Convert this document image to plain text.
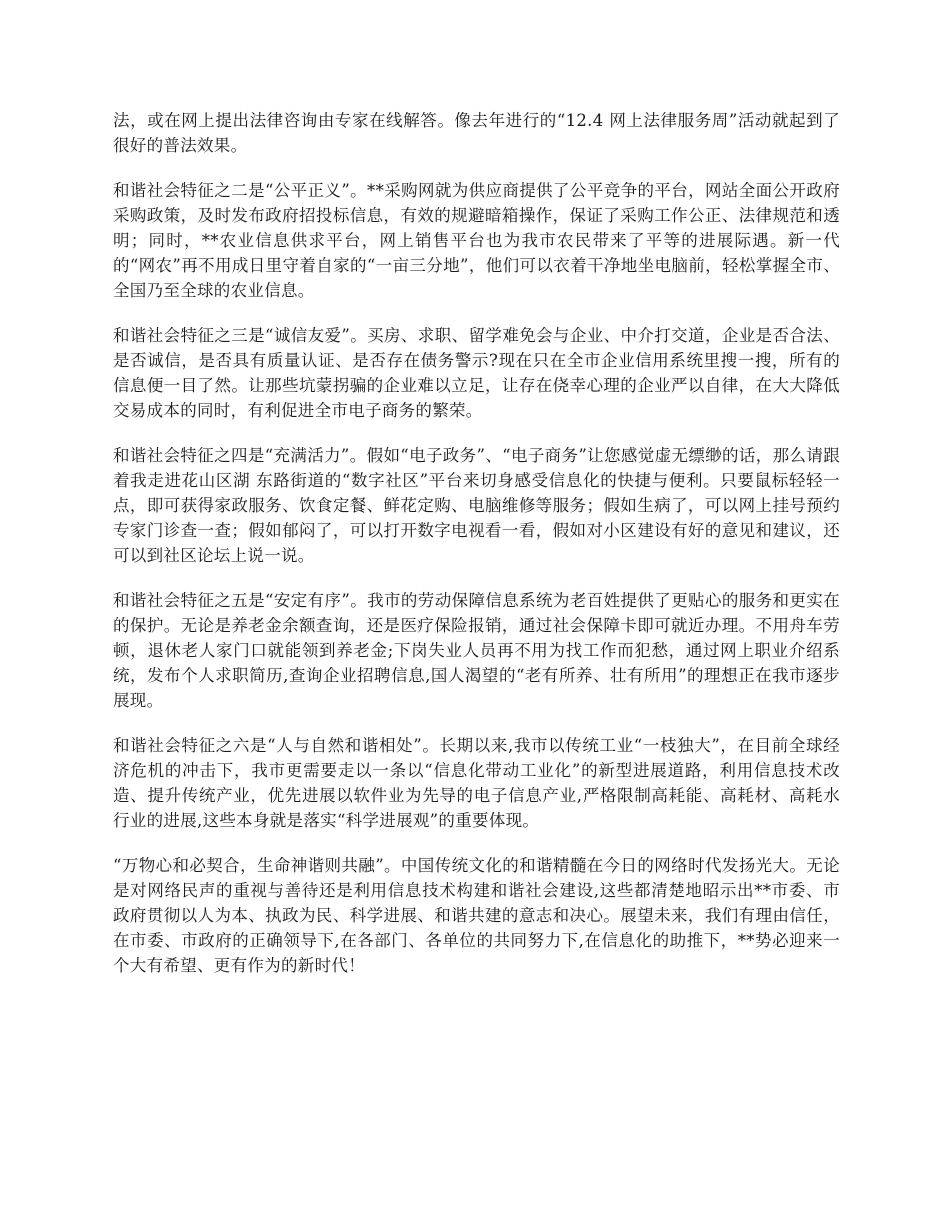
法，或在网上提出法律咨询由专家在线解答。像去年进行的“12.4 网上法律服务周”活动就起到了很好的普法效果。

和谐社会特征之二是“公平正义”。**采购网就为供应商提供了公平竞争的平台，网站全面公开政府采购政策，及时发布政府招投标信息，有效的规避暗箱操作，保证了采购工作公正、法律规范和透明；同时，**农业信息供求平台，网上销售平台也为我市农民带来了平等的进展际遇。新一代的“网农”再不用成日里守着自家的“一亩三分地”，他们可以衣着干净地坐电脑前，轻松掌握全市、全国乃至全球的农业信息。

和谐社会特征之三是“诚信友爱”。买房、求职、留学难免会与企业、中介打交道，企业是否合法、是否诚信，是否具有质量认证、是否存在债务警示?现在只在全市企业信用系统里搜一搜，所有的信息便一目了然。让那些坑蒙拐骗的企业难以立足，让存在侥幸心理的企业严以自律，在大大降低交易成本的同时，有利促进全市电子商务的繁荣。

和谐社会特征之四是“充满活力”。假如“电子政务”、“电子商务”让您感觉虚无缥缈的话，那么请跟着我走进花山区湖 东路街道的“数字社区”平台来切身感受信息化的快捷与便利。只要鼠标轻轻一点，即可获得家政服务、饮食定餐、鲜花定购、电脑维修等服务；假如生病了，可以网上挂号预约专家门诊查一查；假如郁闷了，可以打开数字电视看一看，假如对小区建设有好的意见和建议，还可以到社区论坛上说一说。

和谐社会特征之五是“安定有序”。我市的劳动保障信息系统为老百姓提供了更贴心的服务和更实在的保护。无论是养老金余额查询，还是医疗保险报销，通过社会保障卡即可就近办理。不用舟车劳顿，退休老人家门口就能领到养老金;下岗失业人员再不用为找工作而犯愁，通过网上职业介绍系统，发布个人求职简历,查询企业招聘信息,国人渴望的“老有所养、壮有所用”的理想正在我市逐步展现。

和谐社会特征之六是“人与自然和谐相处”。长期以来,我市以传统工业“一枝独大”，在目前全球经济危机的冲击下，我市更需要走以一条以“信息化带动工业化”的新型进展道路，利用信息技术改造、提升传统产业，优先进展以软件业为先导的电子信息产业,严格限制高耗能、高耗材、高耗水行业的进展,这些本身就是落实“科学进展观”的重要体现。

“万物心和必契合，生命神谐则共融”。中国传统文化的和谐精髓在今日的网络时代发扬光大。无论是对网络民声的重视与善待还是利用信息技术构建和谐社会建设,这些都清楚地昭示出**市委、市政府贯彻以人为本、执政为民、科学进展、和谐共建的意志和决心。展望未来，我们有理由信任，在市委、市政府的正确领导下,在各部门、各单位的共同努力下,在信息化的助推下，**势必迎来一个大有希望、更有作为的新时代！
